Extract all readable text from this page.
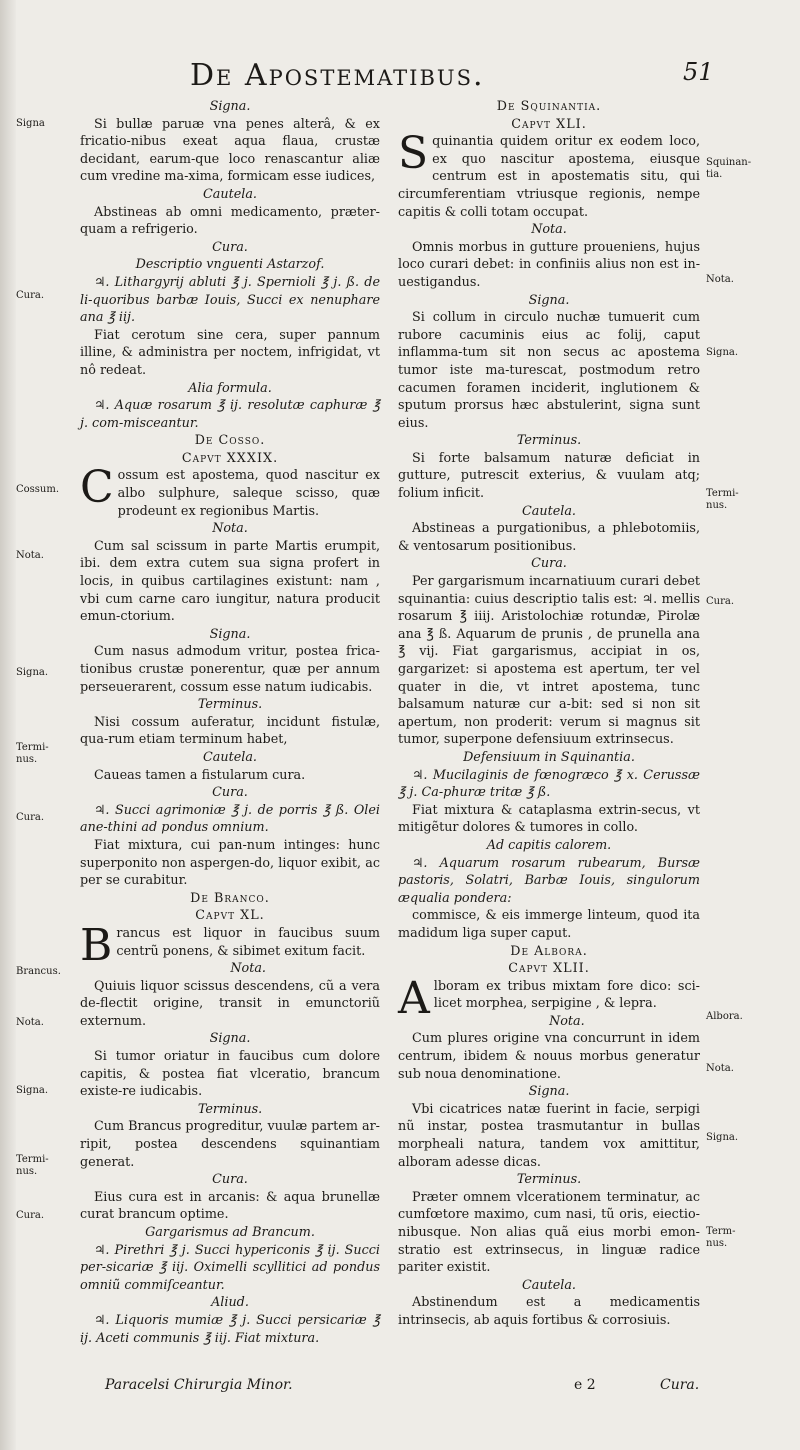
De Apostematibus.	51

Signa.

Si bullæ paruæ vna penes alterâ, & ex fricatio-nibus exeat aqua flaua, crustæ decidant, earum-que loco renascantur aliæ cum vredine ma-xima, formicam esse iudices,

Cautela.

Abstineas ab omni medicamento, præter-quam a refrigerio.

Cura.

Descriptio vnguenti Astarzof.

♃. Lithargyrij abluti ℥ j. Spernioli ℥ j. ß. de li-quoribus barbæ Iouis, Succi ex nenuphare ana ℥ iij.

Fiat cerotum sine cera, super pannum illine, & administra per noctem, infrigidat, vt nô redeat.

Alia formula.

♃. Aquæ rosarum ℥ ij. resolutæ caphuræ ℥ j. com-misceantur.

De Cosso.

Capvt XXXIX.

Cossum est apostema, quod nascitur ex albo sulphure, saleque scisso, quæ prodeunt ex regionibus Martis.

Nota.

Cum sal scissum in parte Martis erumpit, ibi. dem extra cutem sua signa profert in locis, in quibus cartilagines existunt: nam , vbi cum carne caro iungitur, natura producit emun-ctorium.

Signa.

Cum nasus admodum vritur, postea frica-tionibus crustæ ponerentur, quæ per annum perseuerarent, cossum esse natum iudicabis.

Terminus.

Nisi cossum auferatur, incidunt fistulæ, qua-rum etiam terminum habet,

Cautela.

Caueas tamen a fistularum cura.

Cura.

♃. Succi agrimoniæ ℥ j. de porris ℥ ß. Olei ane-thini ad pondus omnium.

Fiat mixtura, cui pan-num intinges: hunc superponito non aspergen-do, liquor exibit, ac per se curabitur.

De Branco.

Capvt XL.

Brancus est liquor in faucibus suum centrũ ponens, & sibimet exitum facit.

Nota.

Quiuis liquor scissus descendens, cũ a vera de-flectit origine, transit in emunctoriũ externum.

Signa.

Si tumor oriatur in faucibus cum dolore capitis, & postea fiat vlceratio, brancum existe-re iudicabis.

Terminus.

Cum Brancus progreditur, vuulæ partem ar-ripit, postea descendens squinantiam generat.

Cura.

Eius cura est in arcanis: & aqua brunellæ curat brancum optime.

Gargarismus ad Brancum.

♃. Pirethri ℥ j. Succi hypericonis ℥ ij. Succi per-sicariæ ℥ iij. Oximelli scyllitici ad pondus omniũ commiſceantur.

Aliud.

♃. Liquoris mumiæ ℥ j. Succi persicariæ ℥ ij. Aceti communis ℥ iij. Fiat mixtura.

De Squinantia.

Capvt XLI.

Squinantia quidem oritur ex eodem loco, ex quo nascitur apostema, eiusque centrum est in apostematis situ, qui circumferentiam vtriusque regionis, nempe capitis & colli totam occupat.

Nota.

Omnis morbus in gutture proueniens, hujus loco curari debet: in confiniis alius non est in-uestigandus.

Signa.

Si collum in circulo nuchæ tumuerit cum rubore cacuminis eius ac folij, caput inflamma-tum sit non secus ac apostema tumor iste ma-turescat, postmodum retro cacumen foramen inciderit, inglutionem & sputum prorsus hæc abstulerint, signa sunt eius.

Terminus.

Si forte balsamum naturæ deficiat in gutture, putrescit exterius, & vuulam atq; folium inficit.

Cautela.

Abstineas a purgationibus, a phlebotomiis, & ventosarum positionibus.

Cura.

Per gargarismum incarnatiuum curari debet squinantia: cuius descriptio talis est: ♃. mellis rosarum ℥ iiij. Aristolochiæ rotundæ, Pirolæ ana ℥ ß. Aquarum de prunis , de prunella ana ℥ vij. Fiat gargarismus, accipiat in os, gargarizet: si apostema est apertum, ter vel quater in die, vt intret apostema, tunc balsamum naturæ cur a-bit: sed si non sit apertum, non proderit: verum si magnus sit tumor, superpone defensiuum extrinsecus.

Defensiuum in Squinantia.

♃. Mucilaginis de fœnogræco ℥ x. Cerussæ ℥ j. Ca-phuræ tritæ ℥ ß.

Fiat mixtura & cataplasma extrin-secus, vt mitigẽtur dolores & tumores in collo.

Ad capitis calorem.

♃. Aquarum rosarum rubearum, Bursæ pastoris, Solatri, Barbæ Iouis, singulorum æqualia pondera:

commisce, & eis immerge linteum, quod ita madidum liga super caput.

De Albora.

Capvt XLII.

Alboram ex tribus mixtam fore dico: sci-licet morphea, serpigine , & lepra.

Nota.

Cum plures origine vna concurrunt in idem centrum, ibidem & nouus morbus generatur sub noua denominatione.

Signa.

Vbi cicatrices natæ fuerint in facie, serpigi nũ instar, postea trasmutantur in bullas morpheali natura, tandem vox amittitur, alboram adesse dicas.

Terminus.

Præter omnem vlcerationem terminatur, ac cumfœtore maximo, cum nasi, tũ oris, eiectio-nibusque. Non alias quã eius morbi emon-stratio est extrinsecus, in linguæ radice pariter existit.

Cautela.

Abstinendum est a medicamentis intrinsecis, ab aquis fortibus & corrosiuis.

Signa
Cura.
Cossum.
Nota.
Signa.
Termi-nus.
Cura.
Brancus.
Nota.
Signa.
Termi-nus.
Cura.
Squinan-tia.
Nota.
Signa.
Termi-nus.
Cura.
Albora.
Nota.
Signa.
Term-nus.
Paracelsi Chirurgia Minor.	e 2	Cura.
